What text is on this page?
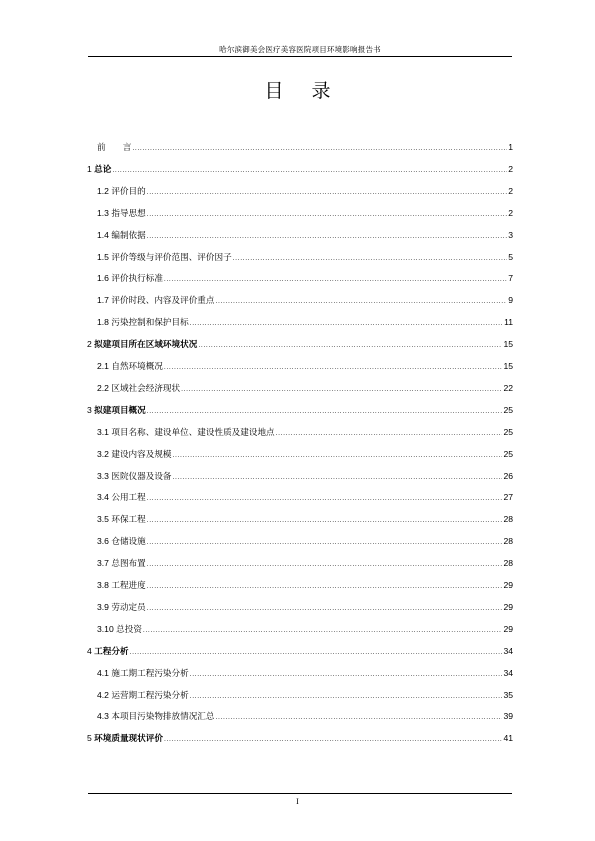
哈尔滨御美会医疗美容医院项目环境影响报告书
目录
前　　言 .....	1
1 总论 .....	2
1.2 评价目的 .....	2
1.3 指导思想 .....	2
1.4 编制依据 .....	3
1.5 评价等级与评价范围、评价因子 .....	5
1.6 评价执行标准 .....	7
1.7 评价时段、内容及评价重点 .....	9
1.8 污染控制和保护目标 .....	11
2 拟建项目所在区域环境状况 .....	15
2.1 自然环境概况 .....	15
2.2 区域社会经济现状 .....	22
3 拟建项目概况 .....	25
3.1 项目名称、建设单位、建设性质及建设地点 .....	25
3.2 建设内容及规模 .....	25
3.3 医院仪器及设备 .....	26
3.4 公用工程 .....	27
3.5 环保工程 .....	28
3.6 仓储设施 .....	28
3.7 总图布置 .....	28
3.8 工程进度 .....	29
3.9 劳动定员 .....	29
3.10 总投资 .....	29
4 工程分析 .....	34
4.1 施工期工程污染分析 .....	34
4.2 运营期工程污染分析 .....	35
4.3 本项目污染物排放情况汇总 .....	39
5 环境质量现状评价 .....	41
I
